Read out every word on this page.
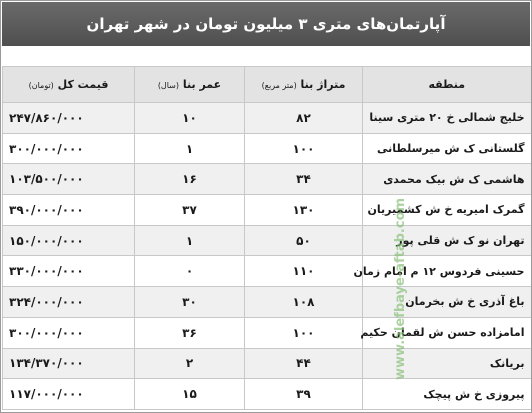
آپارتمان‌های متری ۳ میلیون تومان در شهر تهران
منطقه	متراژ بنا (متر مربع)	عمر بنا (سال)	قیمت کل (تومان)
خلیج شمالی خ ۲۰ متری سینا	۸۲	۱۰	۲۴۷/۸۶۰/۰۰۰
گلستانی ک ش میرسلطانی	۱۰۰	۱	۳۰۰/۰۰۰/۰۰۰
هاشمی ک ش بیک محمدی	۳۴	۱۶	۱۰۳/۵۰۰/۰۰۰
گمرک امیریه خ ش کشمیریان	۱۳۰	۳۷	۳۹۰/۰۰۰/۰۰۰
تهران نو ک ش قلی پور	۵۰	۱	۱۵۰/۰۰۰/۰۰۰
حسینی فردوس ۱۲ م امام زمان	۱۱۰	۰	۳۳۰/۰۰۰/۰۰۰
باغ آذری خ ش بخرمان	۱۰۸	۳۰	۳۲۴/۰۰۰/۰۰۰
امامزاده حسن ش لقمان حکیم	۱۰۰	۳۶	۳۰۰/۰۰۰/۰۰۰
بریانک	۴۴	۲	۱۳۴/۳۷۰/۰۰۰
پیروزی خ ش پیچک	۳۹	۱۵	۱۱۷/۰۰۰/۰۰۰
www.alefbaye-aftab.com
